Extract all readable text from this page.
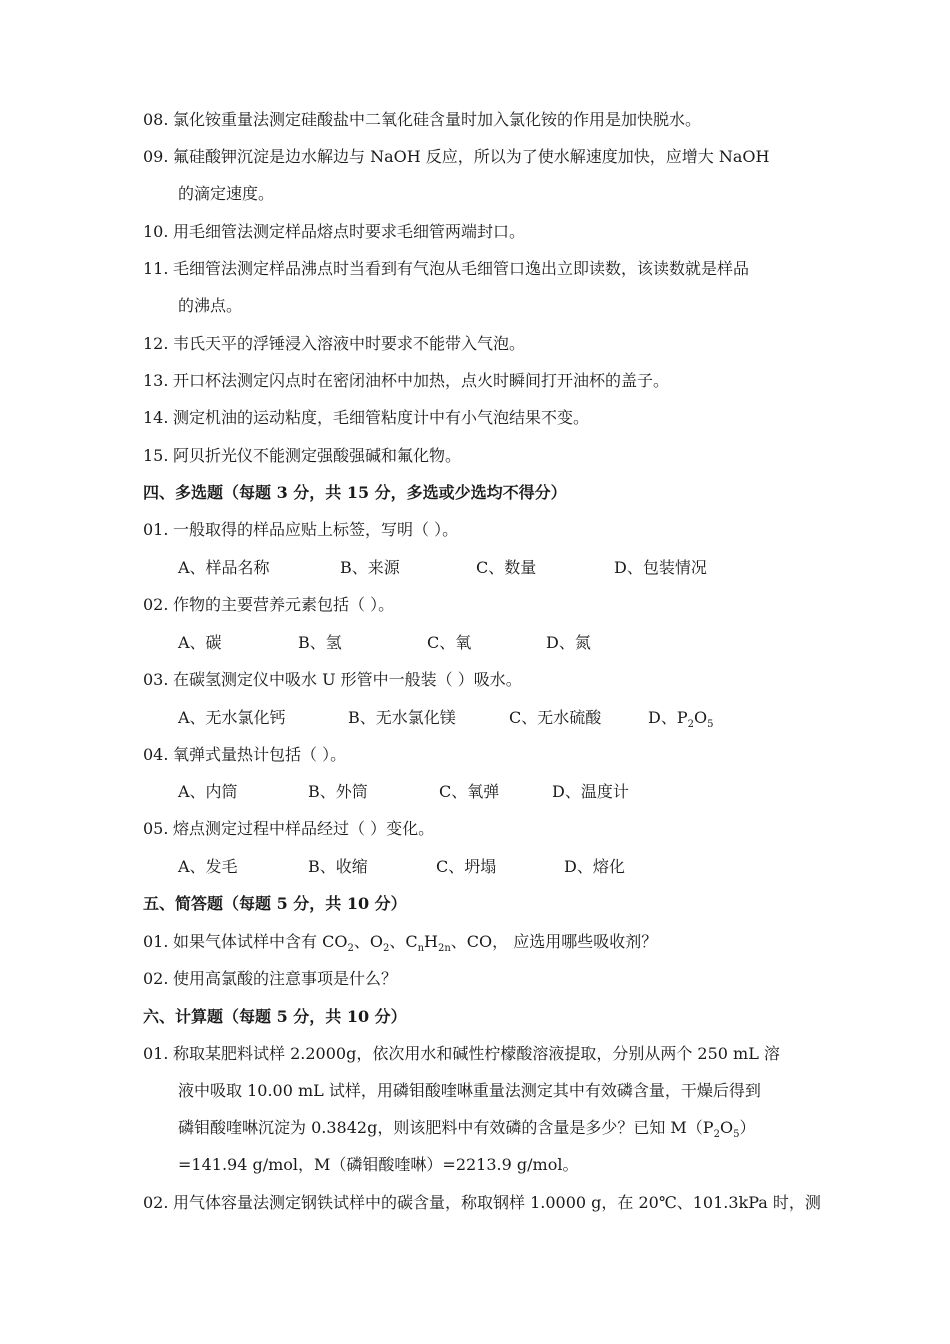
08. 氯化铵重量法测定硅酸盐中二氧化硅含量时加入氯化铵的作用是加快脱水。
09. 氟硅酸钾沉淀是边水解边与 NaOH 反应，所以为了使水解速度加快，应增大 NaOH
的滴定速度。
10. 用毛细管法测定样品熔点时要求毛细管两端封口。
11. 毛细管法测定样品沸点时当看到有气泡从毛细管口逸出立即读数，该读数就是样品
的沸点。
12. 韦氏天平的浮锤浸入溶液中时要求不能带入气泡。
13. 开口杯法测定闪点时在密闭油杯中加热，点火时瞬间打开油杯的盖子。
14. 测定机油的运动粘度，毛细管粘度计中有小气泡结果不变。
15. 阿贝折光仪不能测定强酸强碱和氟化物。
四、多选题（每题 3 分，共 15 分，多选或少选均不得分）
01. 一般取得的样品应贴上标签，写明（ ）。
A、样品名称	B、来源	C、数量	D、包装情况
02. 作物的主要营养元素包括（ ）。
A、碳	B、氢	C、氧	D、氮
03. 在碳氢测定仪中吸水 U 形管中一般装（ ）吸水。
A、无水氯化钙	B、无水氯化镁	C、无水硫酸	D、$P_2O_5$
04. 氧弹式量热计包括（ ）。
A、内筒	B、外筒	C、氧弹	D、温度计
05. 熔点测定过程中样品经过（ ）变化。
A、发毛	B、收缩	C、坍塌	D、熔化
五、简答题（每题 5 分，共 10 分）
01. 如果气体试样中含有 $CO_2$、$O_2$、$C_nH_{2n}$、CO， 应选用哪些吸收剂？
02. 使用高氯酸的注意事项是什么？
六、计算题（每题 5 分，共 10 分）
01. 称取某肥料试样 2.2000g，依次用水和碱性柠檬酸溶液提取，分别从两个 250 mL 溶
液中吸取 10.00 mL 试样，用磷钼酸喹啉重量法测定其中有效磷含量，干燥后得到
磷钼酸喹啉沉淀为 0.3842g，则该肥料中有效磷的含量是多少？已知 $M(P_2O_5)$
=141.94 g/mol，M（磷钼酸喹啉）=2213.9 g/mol。
02. 用气体容量法测定钢铁试样中的碳含量，称取钢样 1.0000 g，在 20℃、101.3kPa 时，测
